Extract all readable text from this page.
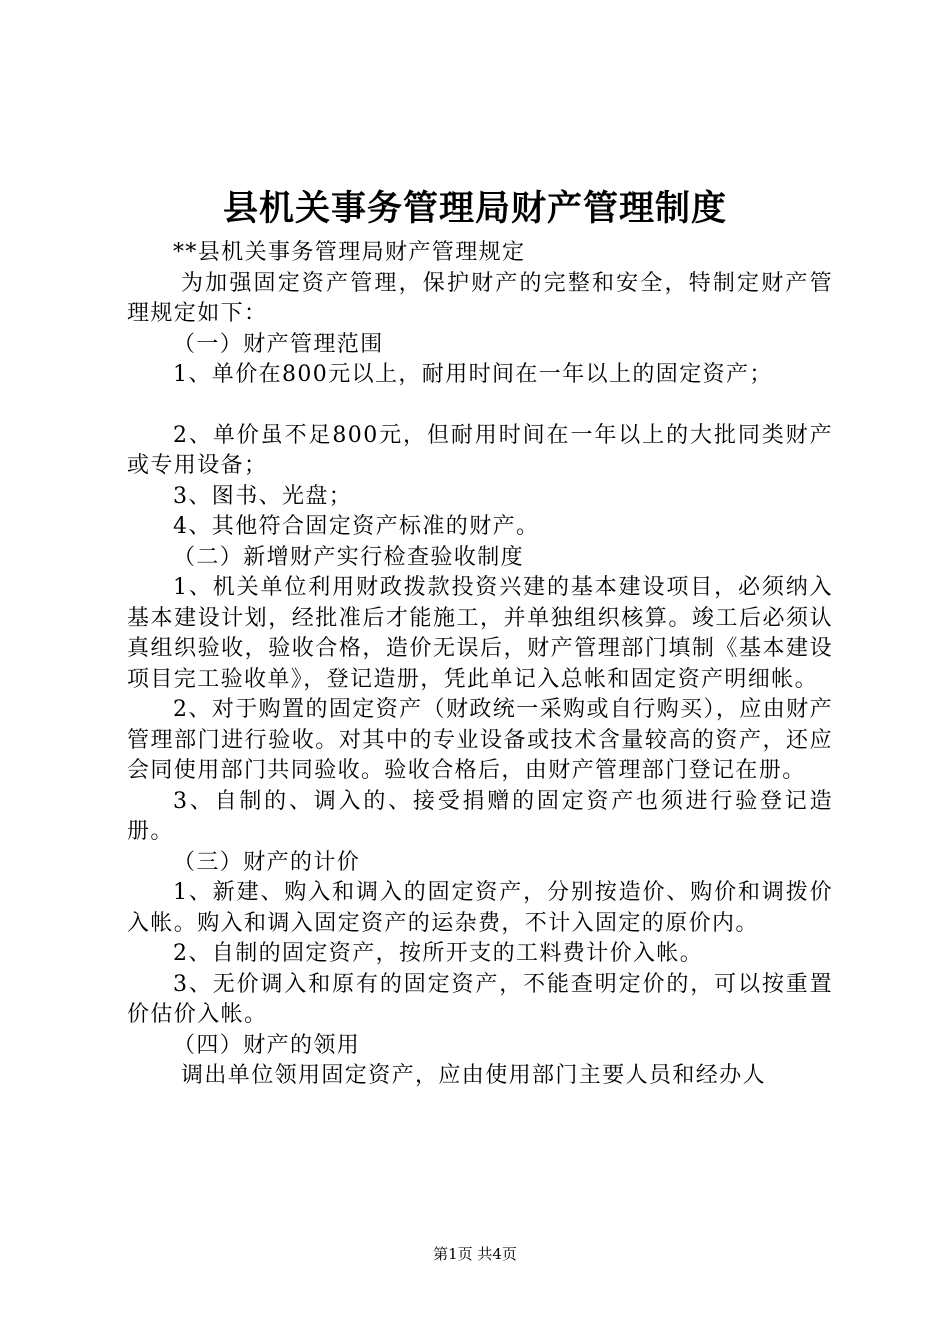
县机关事务管理局财产管理制度

**县机关事务管理局财产管理规定

为加强固定资产管理，保护财产的完整和安全，特制定财产管理规定如下：

（一）财产管理范围

1、单价在800元以上，耐用时间在一年以上的固定资产；

2、单价虽不足800元，但耐用时间在一年以上的大批同类财产或专用设备；

3、图书、光盘；

4、其他符合固定资产标准的财产。

（二）新增财产实行检查验收制度

1、机关单位利用财政拨款投资兴建的基本建设项目，必须纳入基本建设计划，经批准后才能施工，并单独组织核算。竣工后必须认真组织验收，验收合格，造价无误后，财产管理部门填制《基本建设项目完工验收单》，登记造册，凭此单记入总帐和固定资产明细帐。

2、对于购置的固定资产（财政统一采购或自行购买），应由财产管理部门进行验收。对其中的专业设备或技术含量较高的资产，还应会同使用部门共同验收。验收合格后，由财产管理部门登记在册。

3、自制的、调入的、接受捐赠的固定资产也须进行验登记造册。

（三）财产的计价

1、新建、购入和调入的固定资产，分别按造价、购价和调拨价入帐。购入和调入固定资产的运杂费，不计入固定的原价内。

2、自制的固定资产，按所开支的工料费计价入帐。

3、无价调入和原有的固定资产，不能查明定价的，可以按重置价估价入帐。

（四）财产的领用

调出单位领用固定资产，应由使用部门主要人员和经办人

第1页 共4页
